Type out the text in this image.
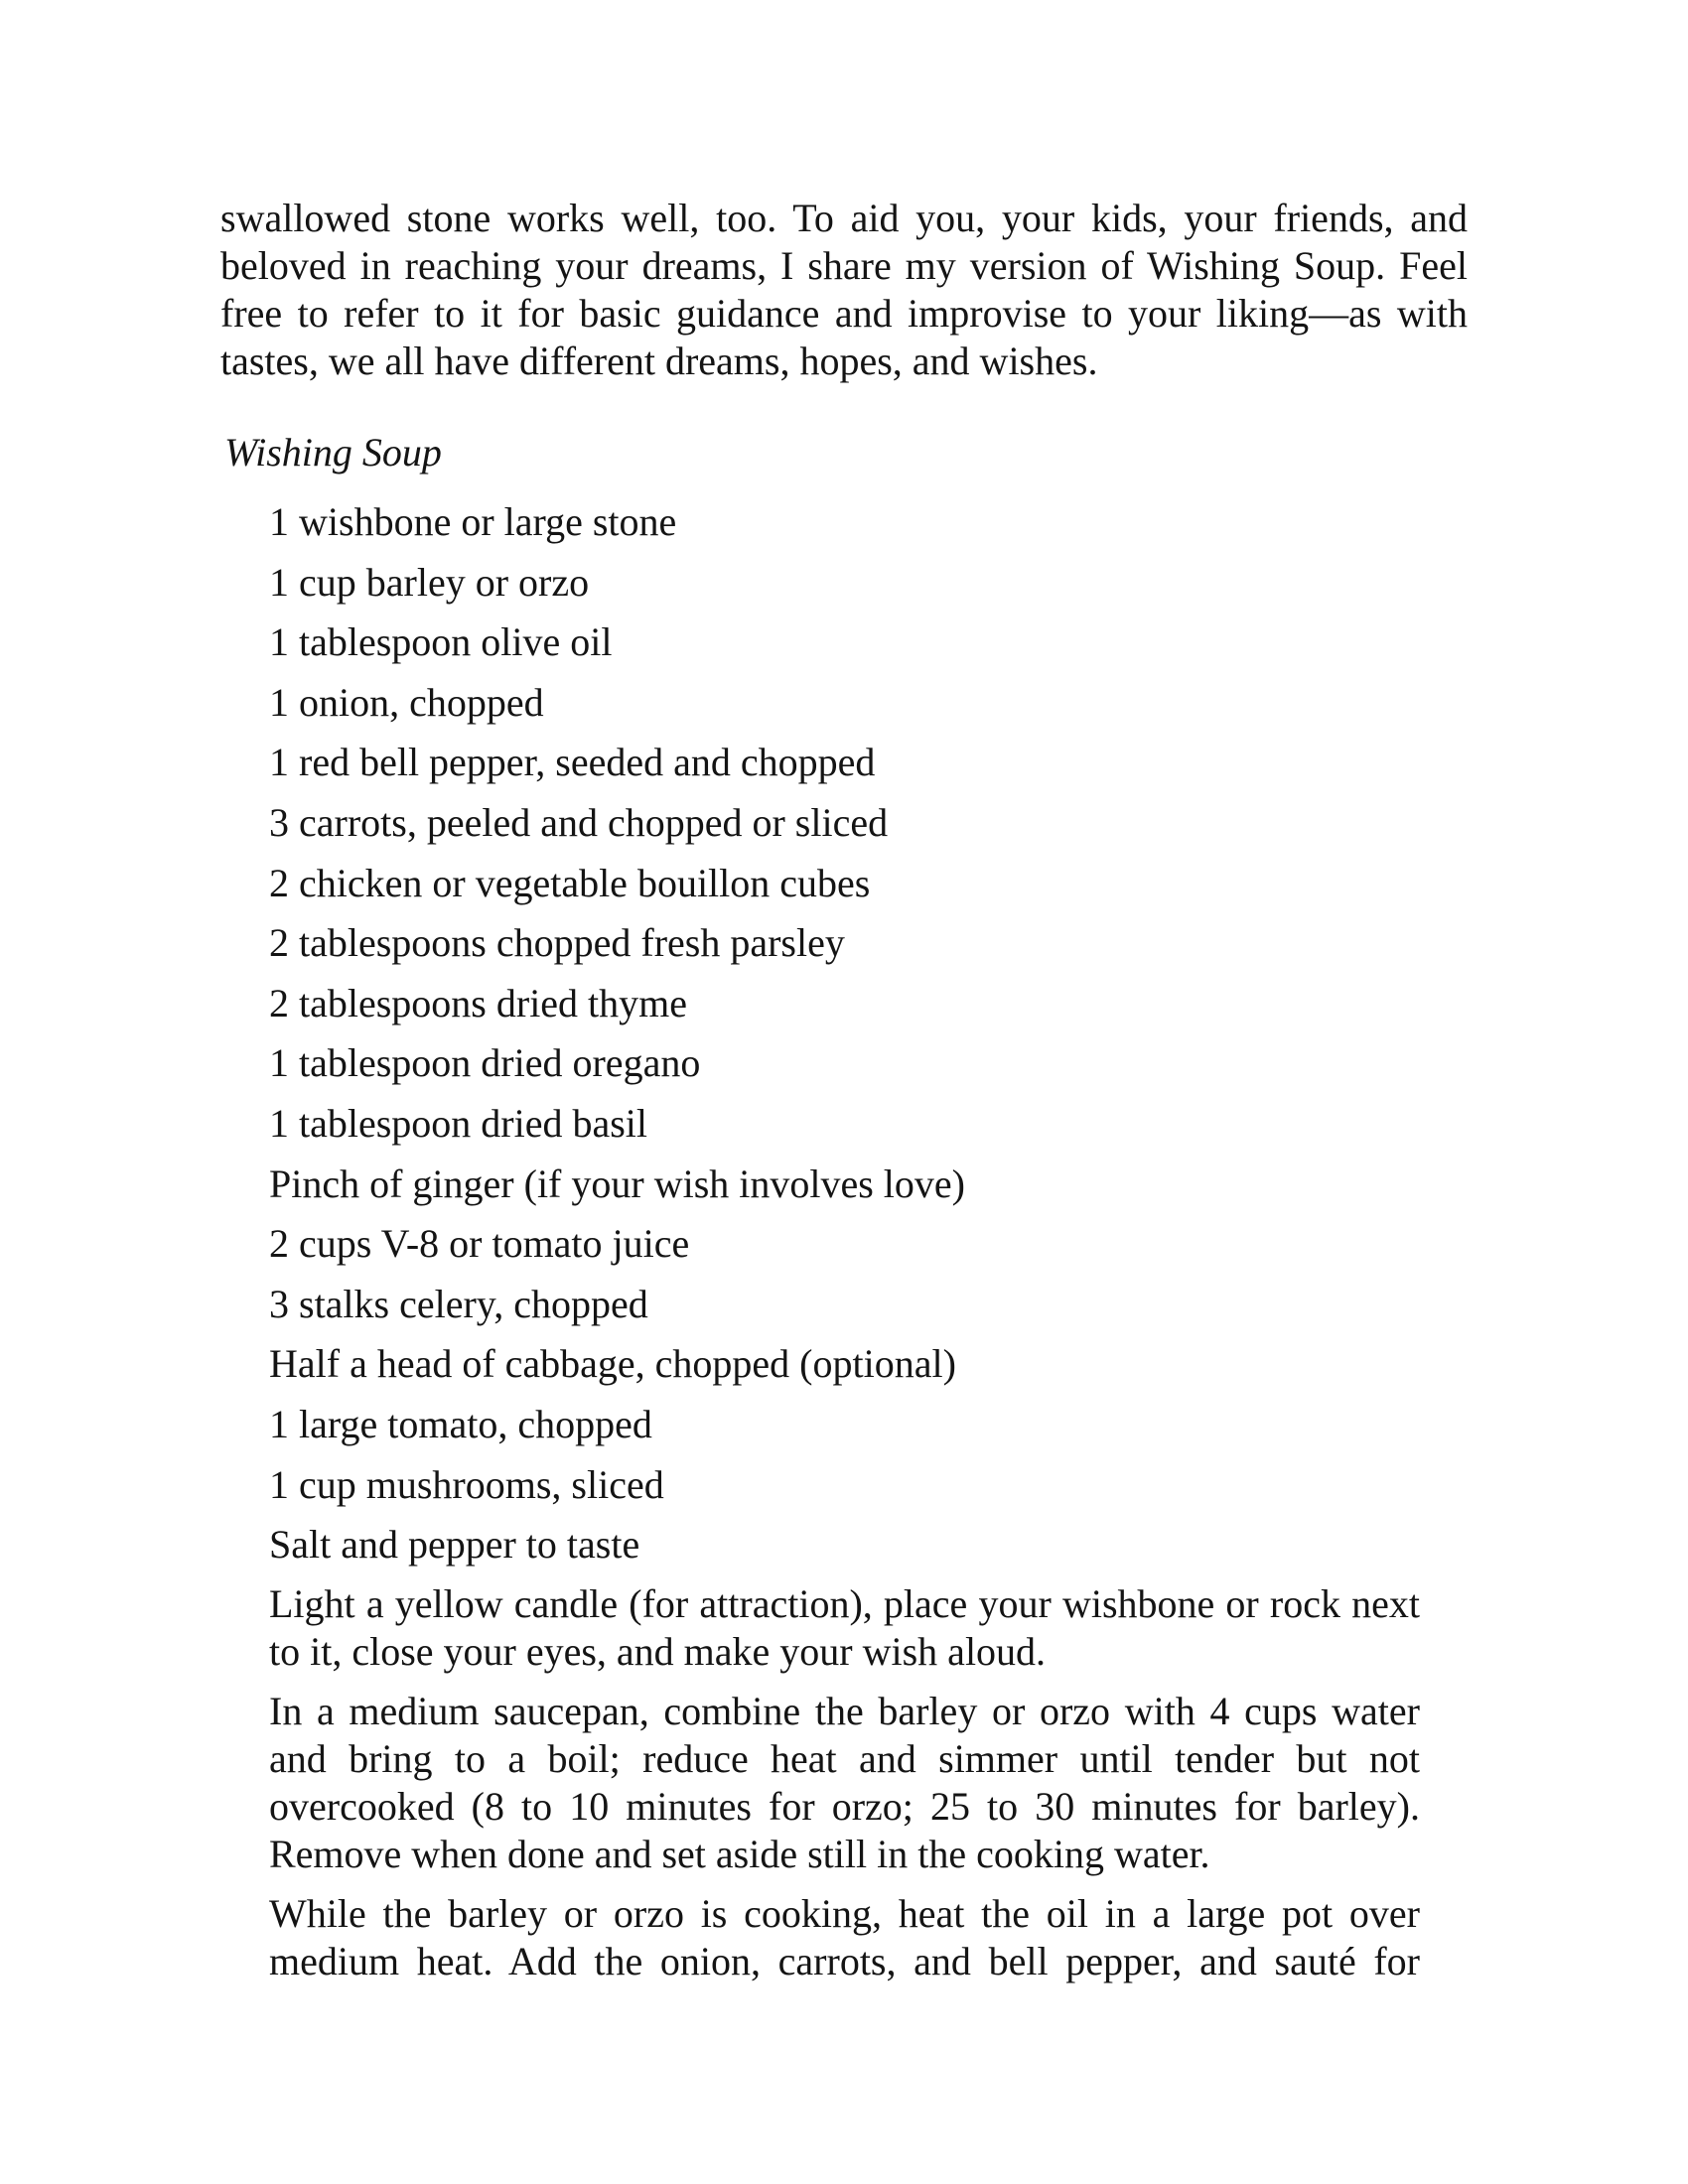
swallowed stone works well, too. To aid you, your kids, your friends, and beloved in reaching your dreams, I share my version of Wishing Soup. Feel free to refer to it for basic guidance and improvise to your liking—as with tastes, we all have different dreams, hopes, and wishes.

Wishing Soup
1 wishbone or large stone
1 cup barley or orzo
1 tablespoon olive oil
1 onion, chopped
1 red bell pepper, seeded and chopped
3 carrots, peeled and chopped or sliced
2 chicken or vegetable bouillon cubes
2 tablespoons chopped fresh parsley
2 tablespoons dried thyme
1 tablespoon dried oregano
1 tablespoon dried basil
Pinch of ginger (if your wish involves love)
2 cups V-8 or tomato juice
3 stalks celery, chopped
Half a head of cabbage, chopped (optional)
1 large tomato, chopped
1 cup mushrooms, sliced
Salt and pepper to taste

Light a yellow candle (for attraction), place your wishbone or rock next to it, close your eyes, and make your wish aloud.

In a medium saucepan, combine the barley or orzo with 4 cups water and bring to a boil; reduce heat and simmer until tender but not overcooked (8 to 10 minutes for orzo; 25 to 30 minutes for barley). Remove when done and set aside still in the cooking water.

While the barley or orzo is cooking, heat the oil in a large pot over medium heat. Add the onion, carrots, and bell pepper, and sauté for
